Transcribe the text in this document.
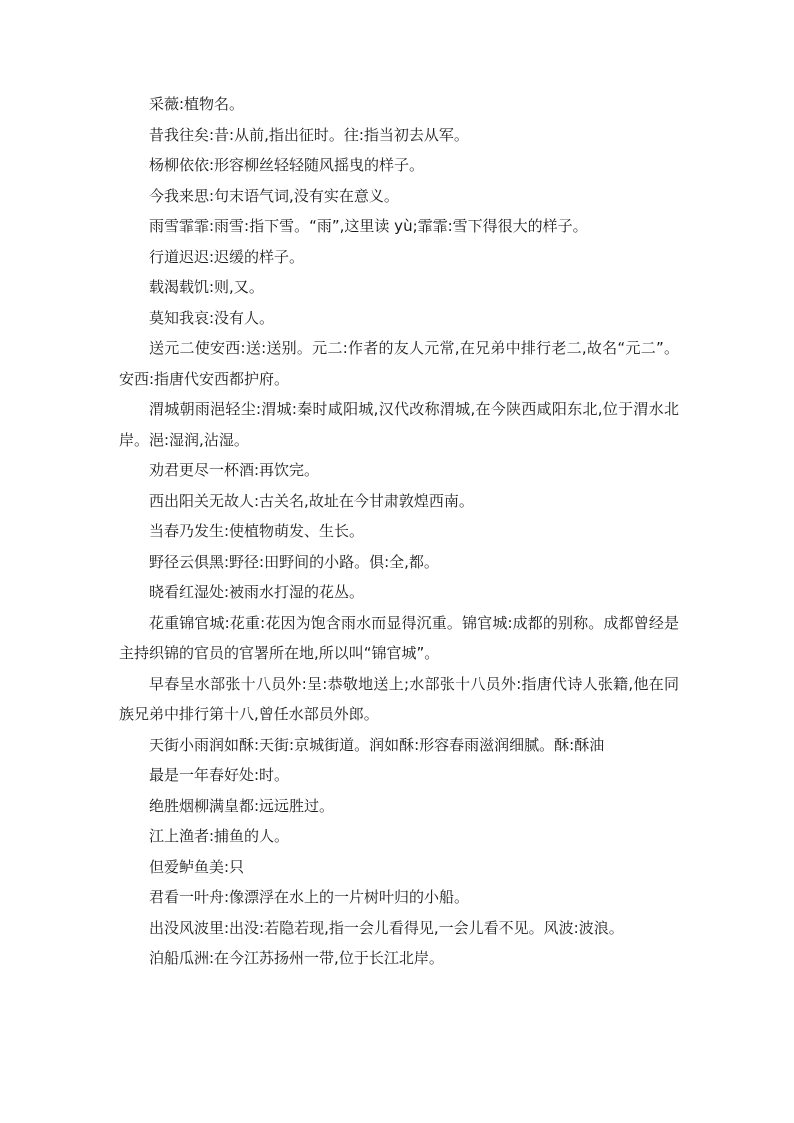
采薇:植物名。

昔我往矣:昔:从前,指出征时。往:指当初去从军。

杨柳依依:形容柳丝轻轻随风摇曳的样子。

今我来思:句末语气词,没有实在意义。

雨雪霏霏:雨雪:指下雪。“雨”,这里读 yù;霏霏:雪下得很大的样子。

行道迟迟:迟缓的样子。

载渴载饥:则,又。

莫知我哀:没有人。

送元二使安西:送:送别。元二:作者的友人元常,在兄弟中排行老二,故名“元二”。安西:指唐代安西都护府。

渭城朝雨浥轻尘:渭城:秦时咸阳城,汉代改称渭城,在今陕西咸阳东北,位于渭水北岸。浥:湿润,沾湿。

劝君更尽一杯酒:再饮完。

西出阳关无故人:古关名,故址在今甘肃敦煌西南。

当春乃发生:使植物萌发、生长。

野径云俱黑:野径:田野间的小路。俱:全,都。

晓看红湿处:被雨水打湿的花丛。

花重锦官城:花重:花因为饱含雨水而显得沉重。锦官城:成都的别称。成都曾经是主持织锦的官员的官署所在地,所以叫“锦官城”。

早春呈水部张十八员外:呈:恭敬地送上;水部张十八员外:指唐代诗人张籍,他在同族兄弟中排行第十八,曾任水部员外郎。

天街小雨润如酥:天街:京城街道。润如酥:形容春雨滋润细腻。酥:酥油

最是一年春好处:时。

绝胜烟柳满皇都:远远胜过。

江上渔者:捕鱼的人。

但爱鲈鱼美:只

君看一叶舟:像漂浮在水上的一片树叶归的小船。

出没风波里:出没:若隐若现,指一会儿看得见,一会儿看不见。风波:波浪。

泊船瓜洲:在今江苏扬州一带,位于长江北岸。
